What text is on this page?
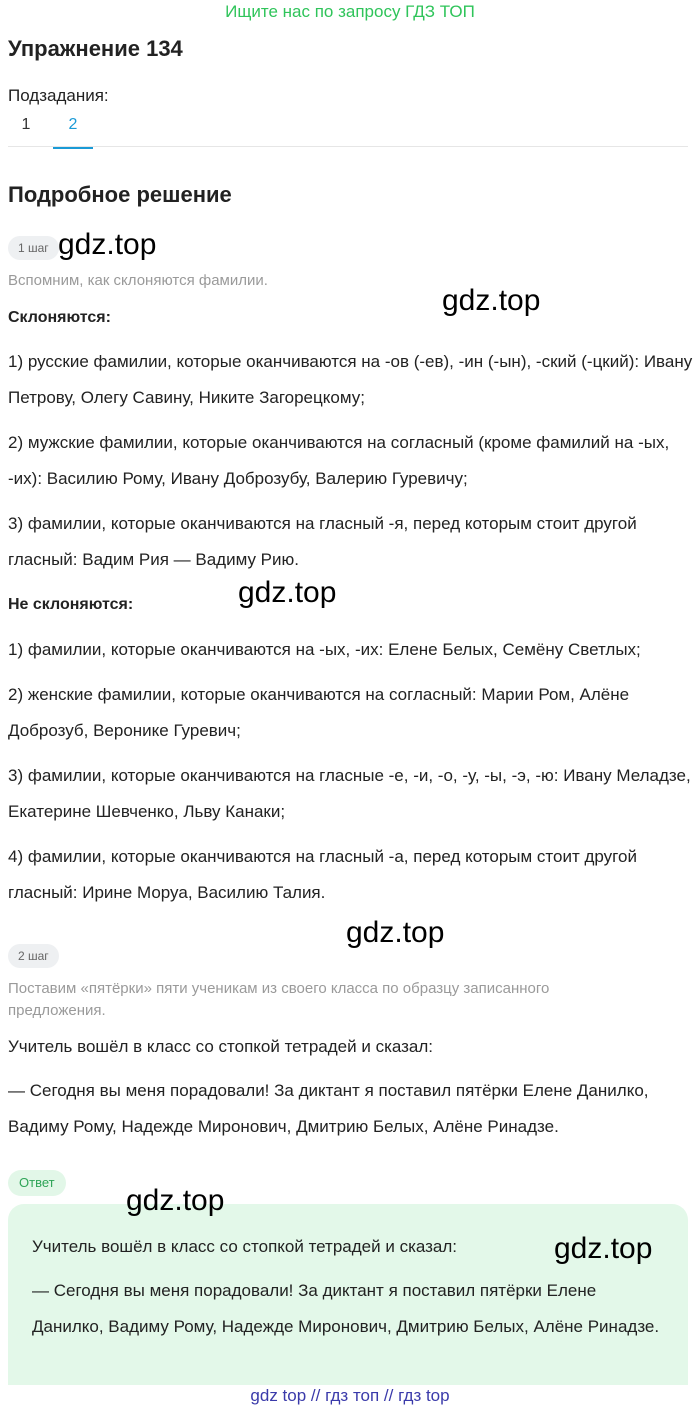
Ищите нас по запросу ГДЗ ТОП
Упражнение 134
Подзадания:
1	2
Подробное решение
1 шаг
Вспомним, как склоняются фамилии.
Склоняются:
1) русские фамилии, которые оканчиваются на -ов (-ев), -ин (-ын), -ский (-цкий): Ивану Петрову, Олегу Савину, Никите Загорецкому;
2) мужские фамилии, которые оканчиваются на согласный (кроме фамилий на -ых, -их): Василию Рому, Ивану Доброзубу, Валерию Гуревичу;
3) фамилии, которые оканчиваются на гласный -я, перед которым стоит другой гласный: Вадим Рия — Вадиму Рию.
Не склоняются:
1) фамилии, которые оканчиваются на -ых, -их: Елене Белых, Семёну Светлых;
2) женские фамилии, которые оканчиваются на согласный: Марии Ром, Алёне Доброзуб, Веронике Гуревич;
3) фамилии, которые оканчиваются на гласные -е, -и, -о, -у, -ы, -э, -ю: Ивану Меладзе, Екатерине Шевченко, Льву Канаки;
4) фамилии, которые оканчиваются на гласный -а, перед которым стоит другой гласный: Ирине Моруа, Василию Талия.
2 шаг
Поставим «пятёрки» пяти ученикам из своего класса по образцу записанного предложения.
Учитель вошёл в класс со стопкой тетрадей и сказал:
— Сегодня вы меня порадовали! За диктант я поставил пятёрки Елене Данилко, Вадиму Рому, Надежде Миронович, Дмитрию Белых, Алёне Ринадзе.
Ответ
Учитель вошёл в класс со стопкой тетрадей и сказал:
— Сегодня вы меня порадовали! За диктант я поставил пятёрки Елене Данилко, Вадиму Рому, Надежде Миронович, Дмитрию Белых, Алёне Ринадзе.
gdz.top
gdz.top
gdz.top
gdz.top
gdz.top
gdz.top
gdz top // гдз топ // гдз top
